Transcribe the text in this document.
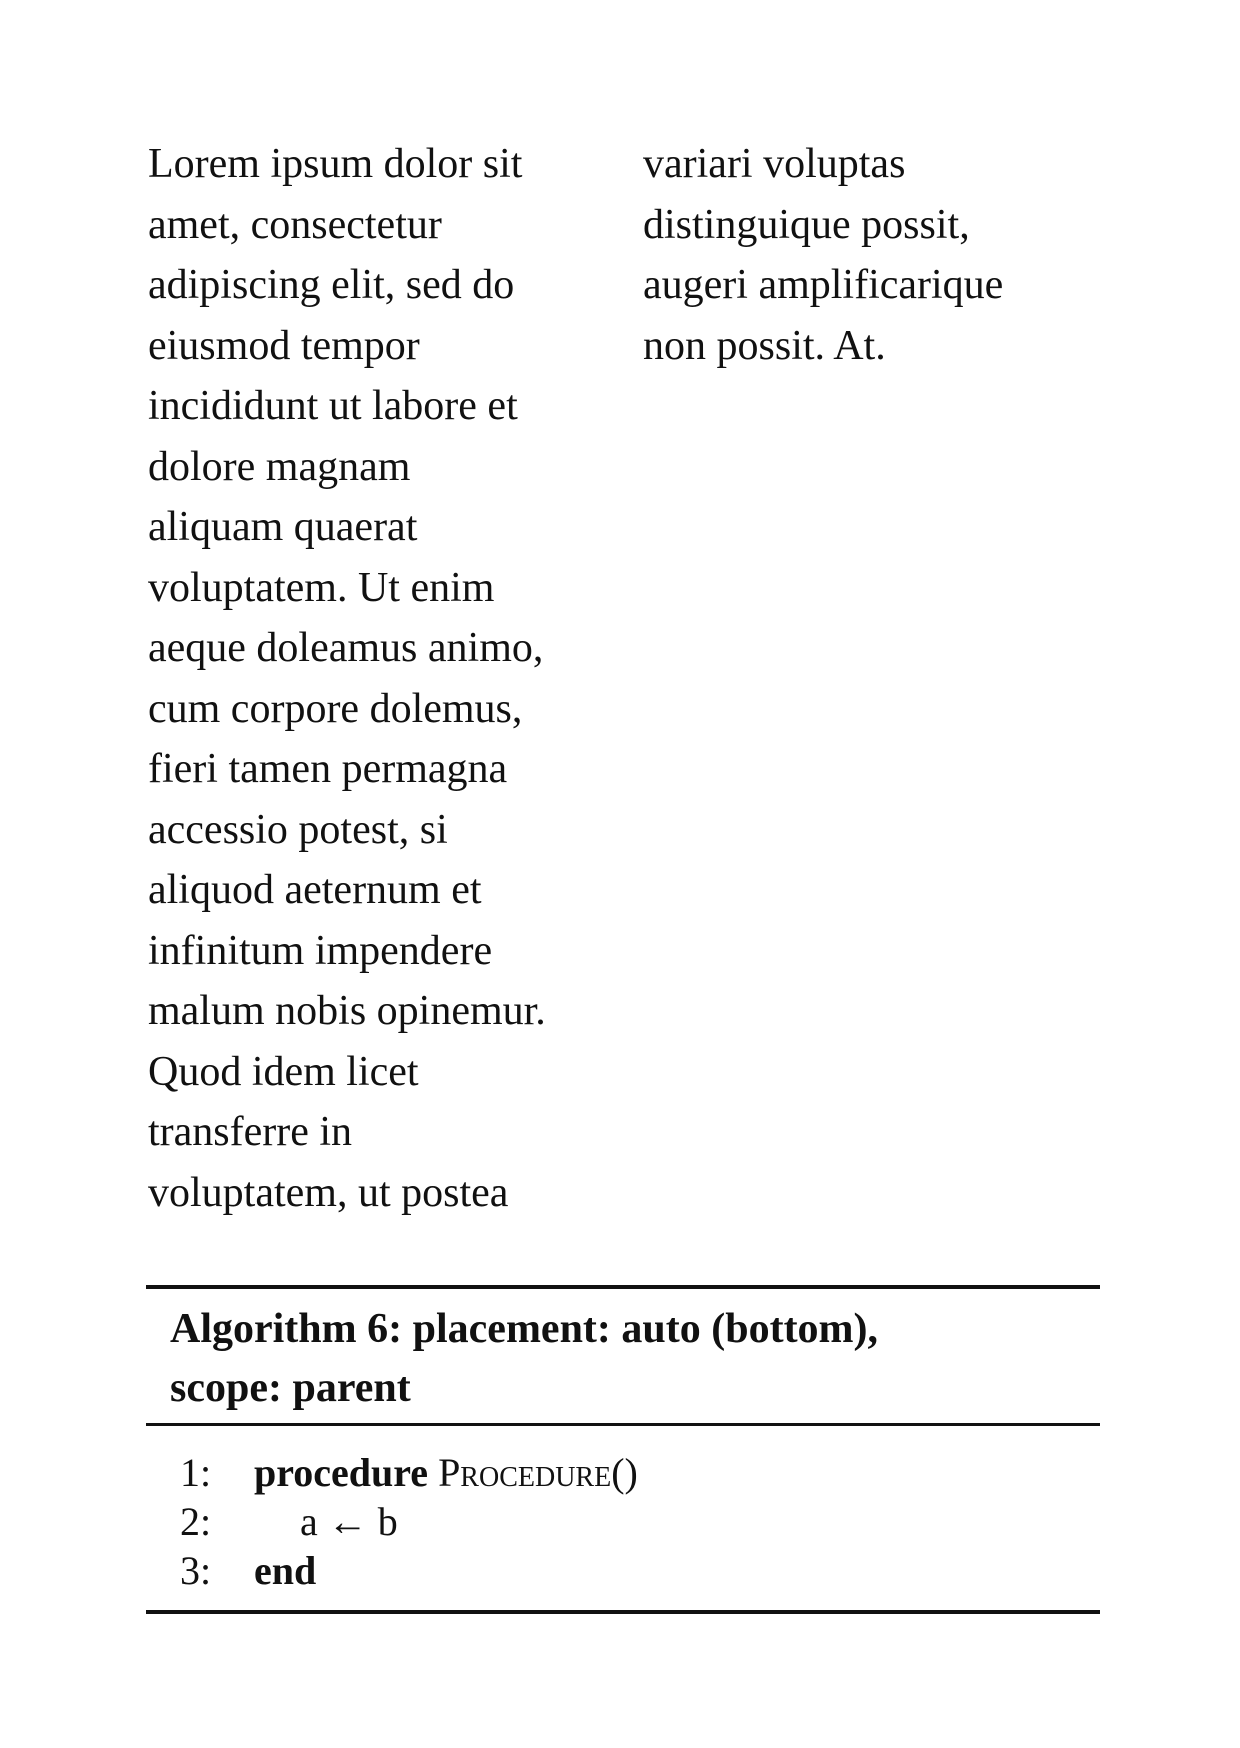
Lorem ipsum dolor sit
amet, consectetur
adipiscing elit, sed do
eiusmod tempor
incididunt ut labore et
dolore magnam
aliquam quaerat
voluptatem. Ut enim
aeque doleamus animo,
cum corpore dolemus,
fieri tamen permagna
accessio potest, si
aliquod aeternum et
infinitum impendere
malum nobis opinemur.
Quod idem licet
transferre in
voluptatem, ut postea
variari voluptas
distinguique possit,
augeri amplificarique
non possit. At.
Algorithm 6: placement: auto (bottom),
scope: parent
1:	procedure Procedure()
2:	a ← b
3:	end
